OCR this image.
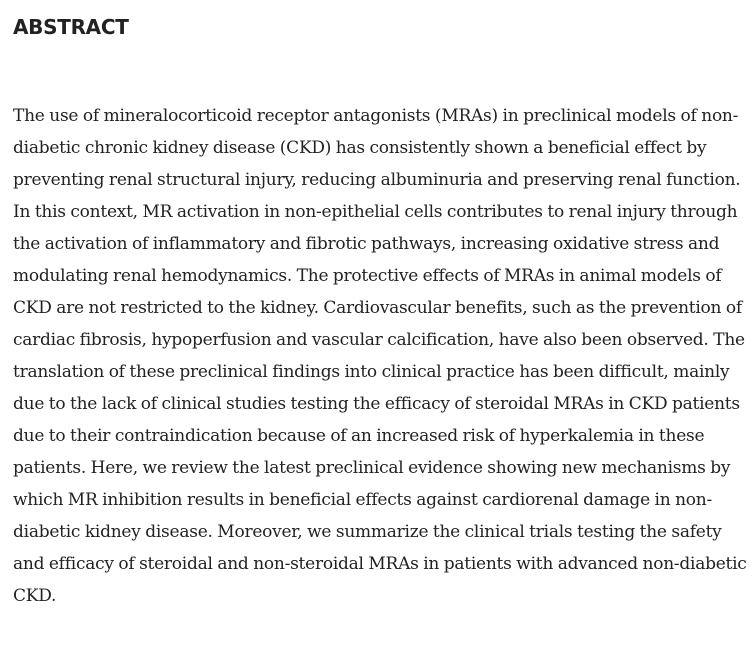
ABSTRACT

The use of mineralocorticoid receptor antagonists (MRAs) in preclinical models of non-diabetic chronic kidney disease (CKD) has consistently shown a beneficial effect by preventing renal structural injury, reducing albuminuria and preserving renal function. In this context, MR activation in non-epithelial cells contributes to renal injury through the activation of inflammatory and fibrotic pathways, increasing oxidative stress and modulating renal hemodynamics. The protective effects of MRAs in animal models of CKD are not restricted to the kidney. Cardiovascular benefits, such as the prevention of cardiac fibrosis, hypoperfusion and vascular calcification, have also been observed. The translation of these preclinical findings into clinical practice has been difficult, mainly due to the lack of clinical studies testing the efficacy of steroidal MRAs in CKD patients due to their contraindication because of an increased risk of hyperkalemia in these patients. Here, we review the latest preclinical evidence showing new mechanisms by which MR inhibition results in beneficial effects against cardiorenal damage in non-diabetic kidney disease. Moreover, we summarize the clinical trials testing the safety and efficacy of steroidal and non-steroidal MRAs in patients with advanced non-diabetic CKD.
